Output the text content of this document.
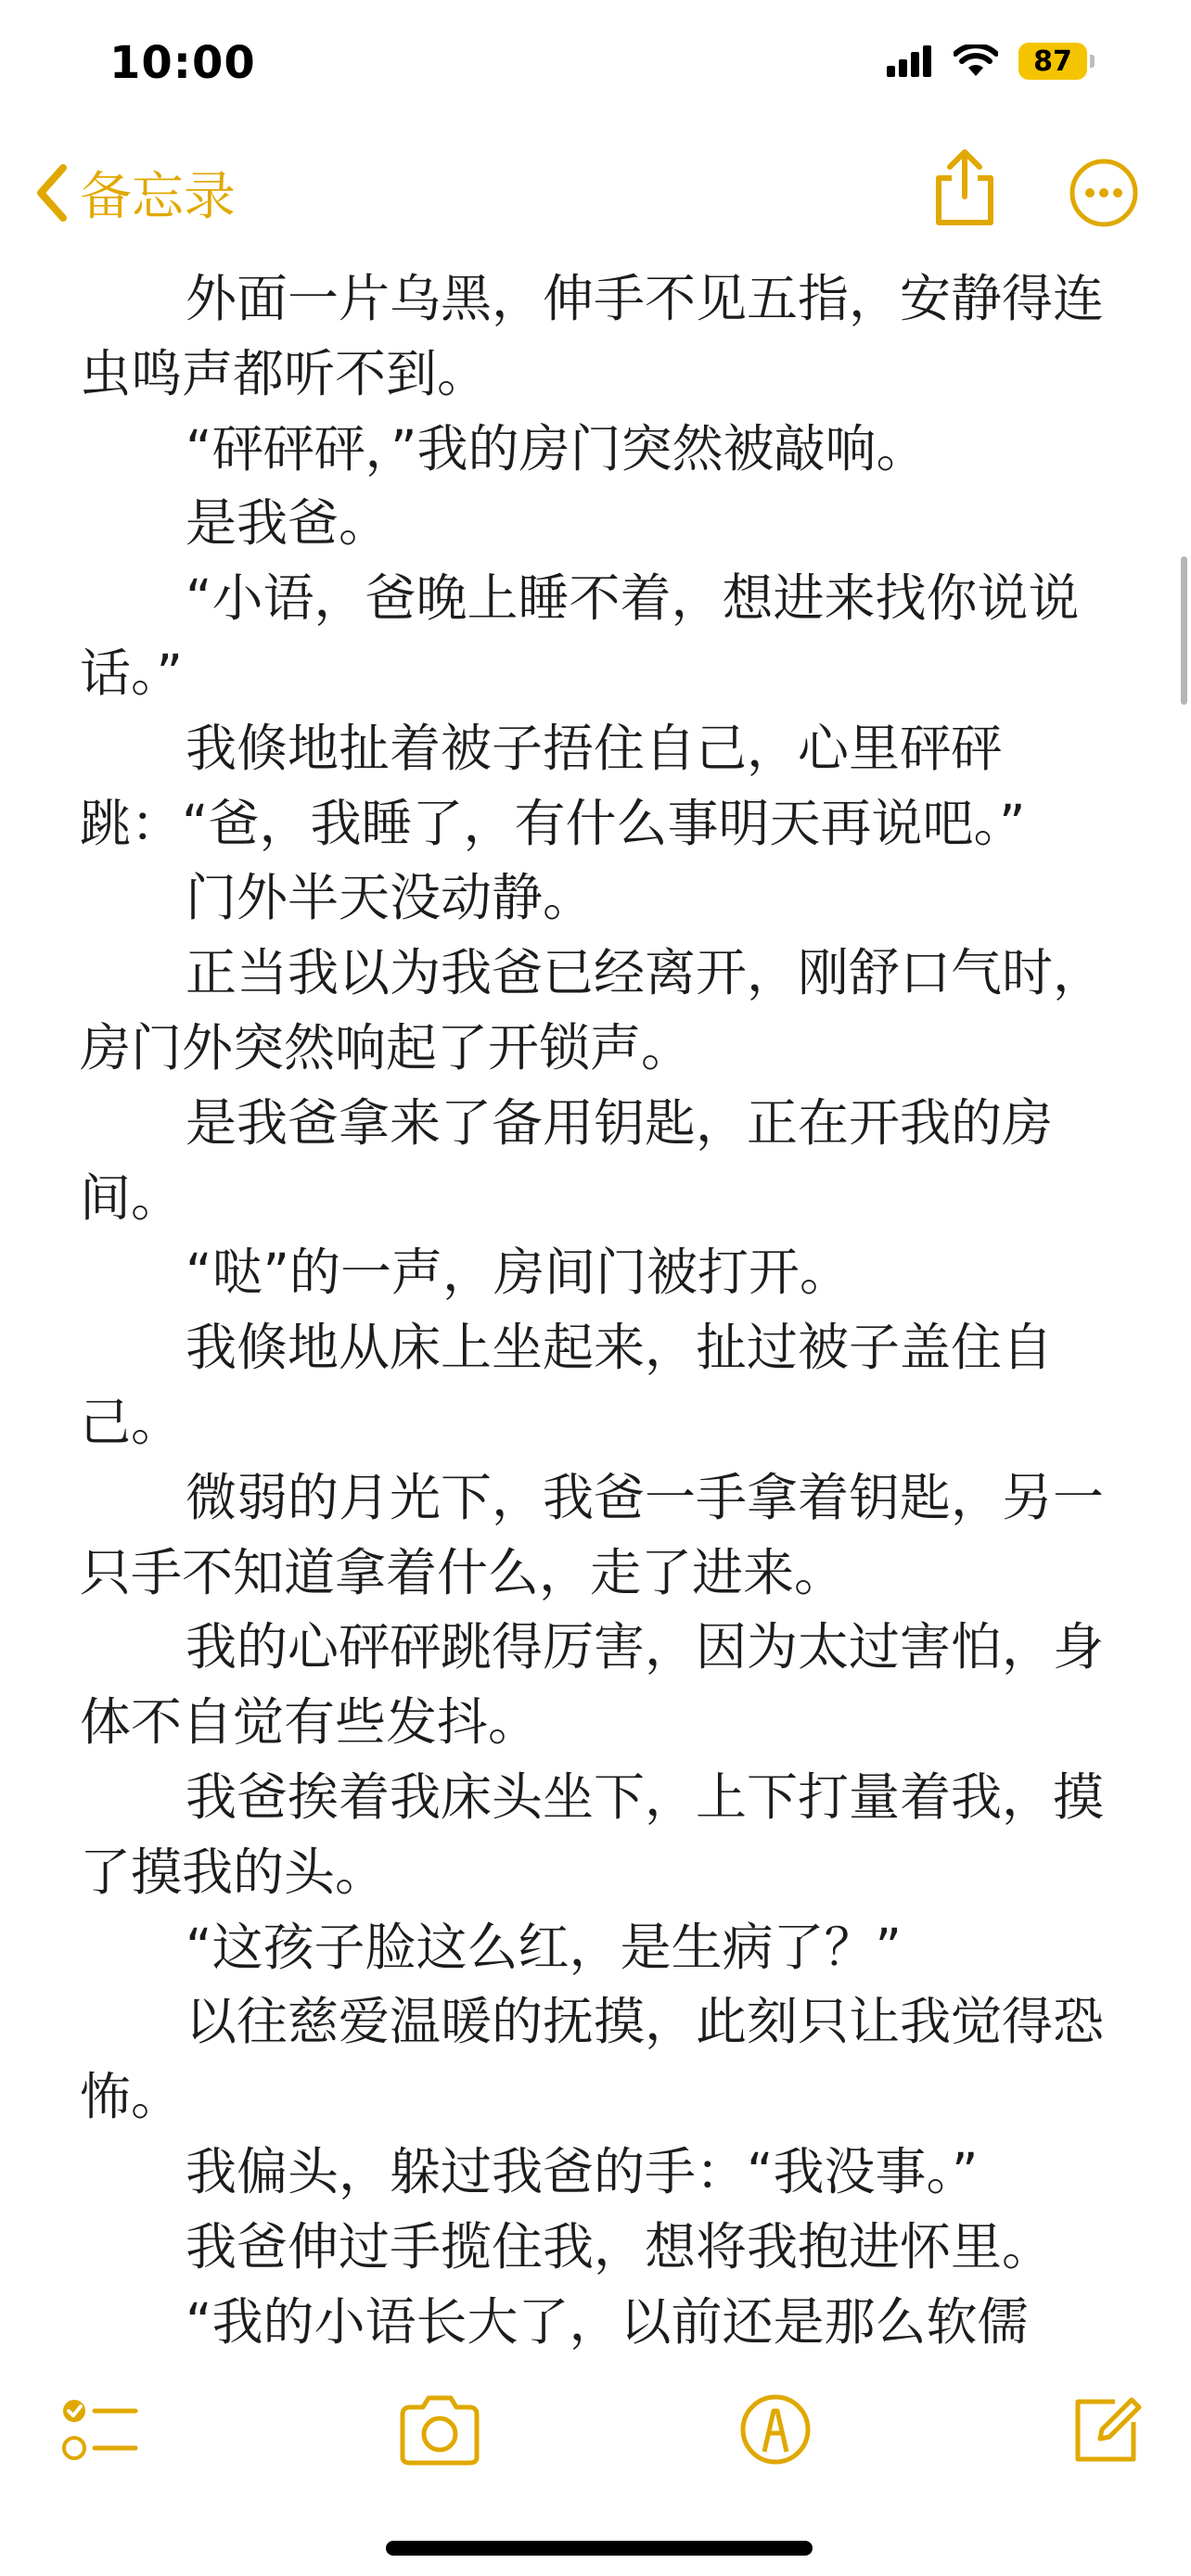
10:00	87
备忘录

外面一片乌黑，伸手不见五指，安静得连虫鸣声都听不到。

“砰砰砰，”我的房门突然被敲响。

是我爸。

“小语，爸晚上睡不着，想进来找你说说话。”

我倏地扯着被子捂住自己，心里砰砰跳：“爸，我睡了，有什么事明天再说吧。”

门外半天没动静。

正当我以为我爸已经离开，刚舒口气时，房门外突然响起了开锁声。

是我爸拿来了备用钥匙，正在开我的房间。

“哒”的一声，房间门被打开。

我倏地从床上坐起来，扯过被子盖住自己。

微弱的月光下，我爸一手拿着钥匙，另一只手不知道拿着什么，走了进来。

我的心砰砰跳得厉害，因为太过害怕，身体不自觉有些发抖。

我爸挨着我床头坐下，上下打量着我，摸了摸我的头。

“这孩子脸这么红，是生病了？”

以往慈爱温暖的抚摸，此刻只让我觉得恐怖。

我偏头，躲过我爸的手：“我没事。”

我爸伸过手揽住我，想将我抱进怀里。

“我的小语长大了，以前还是那么软儒
